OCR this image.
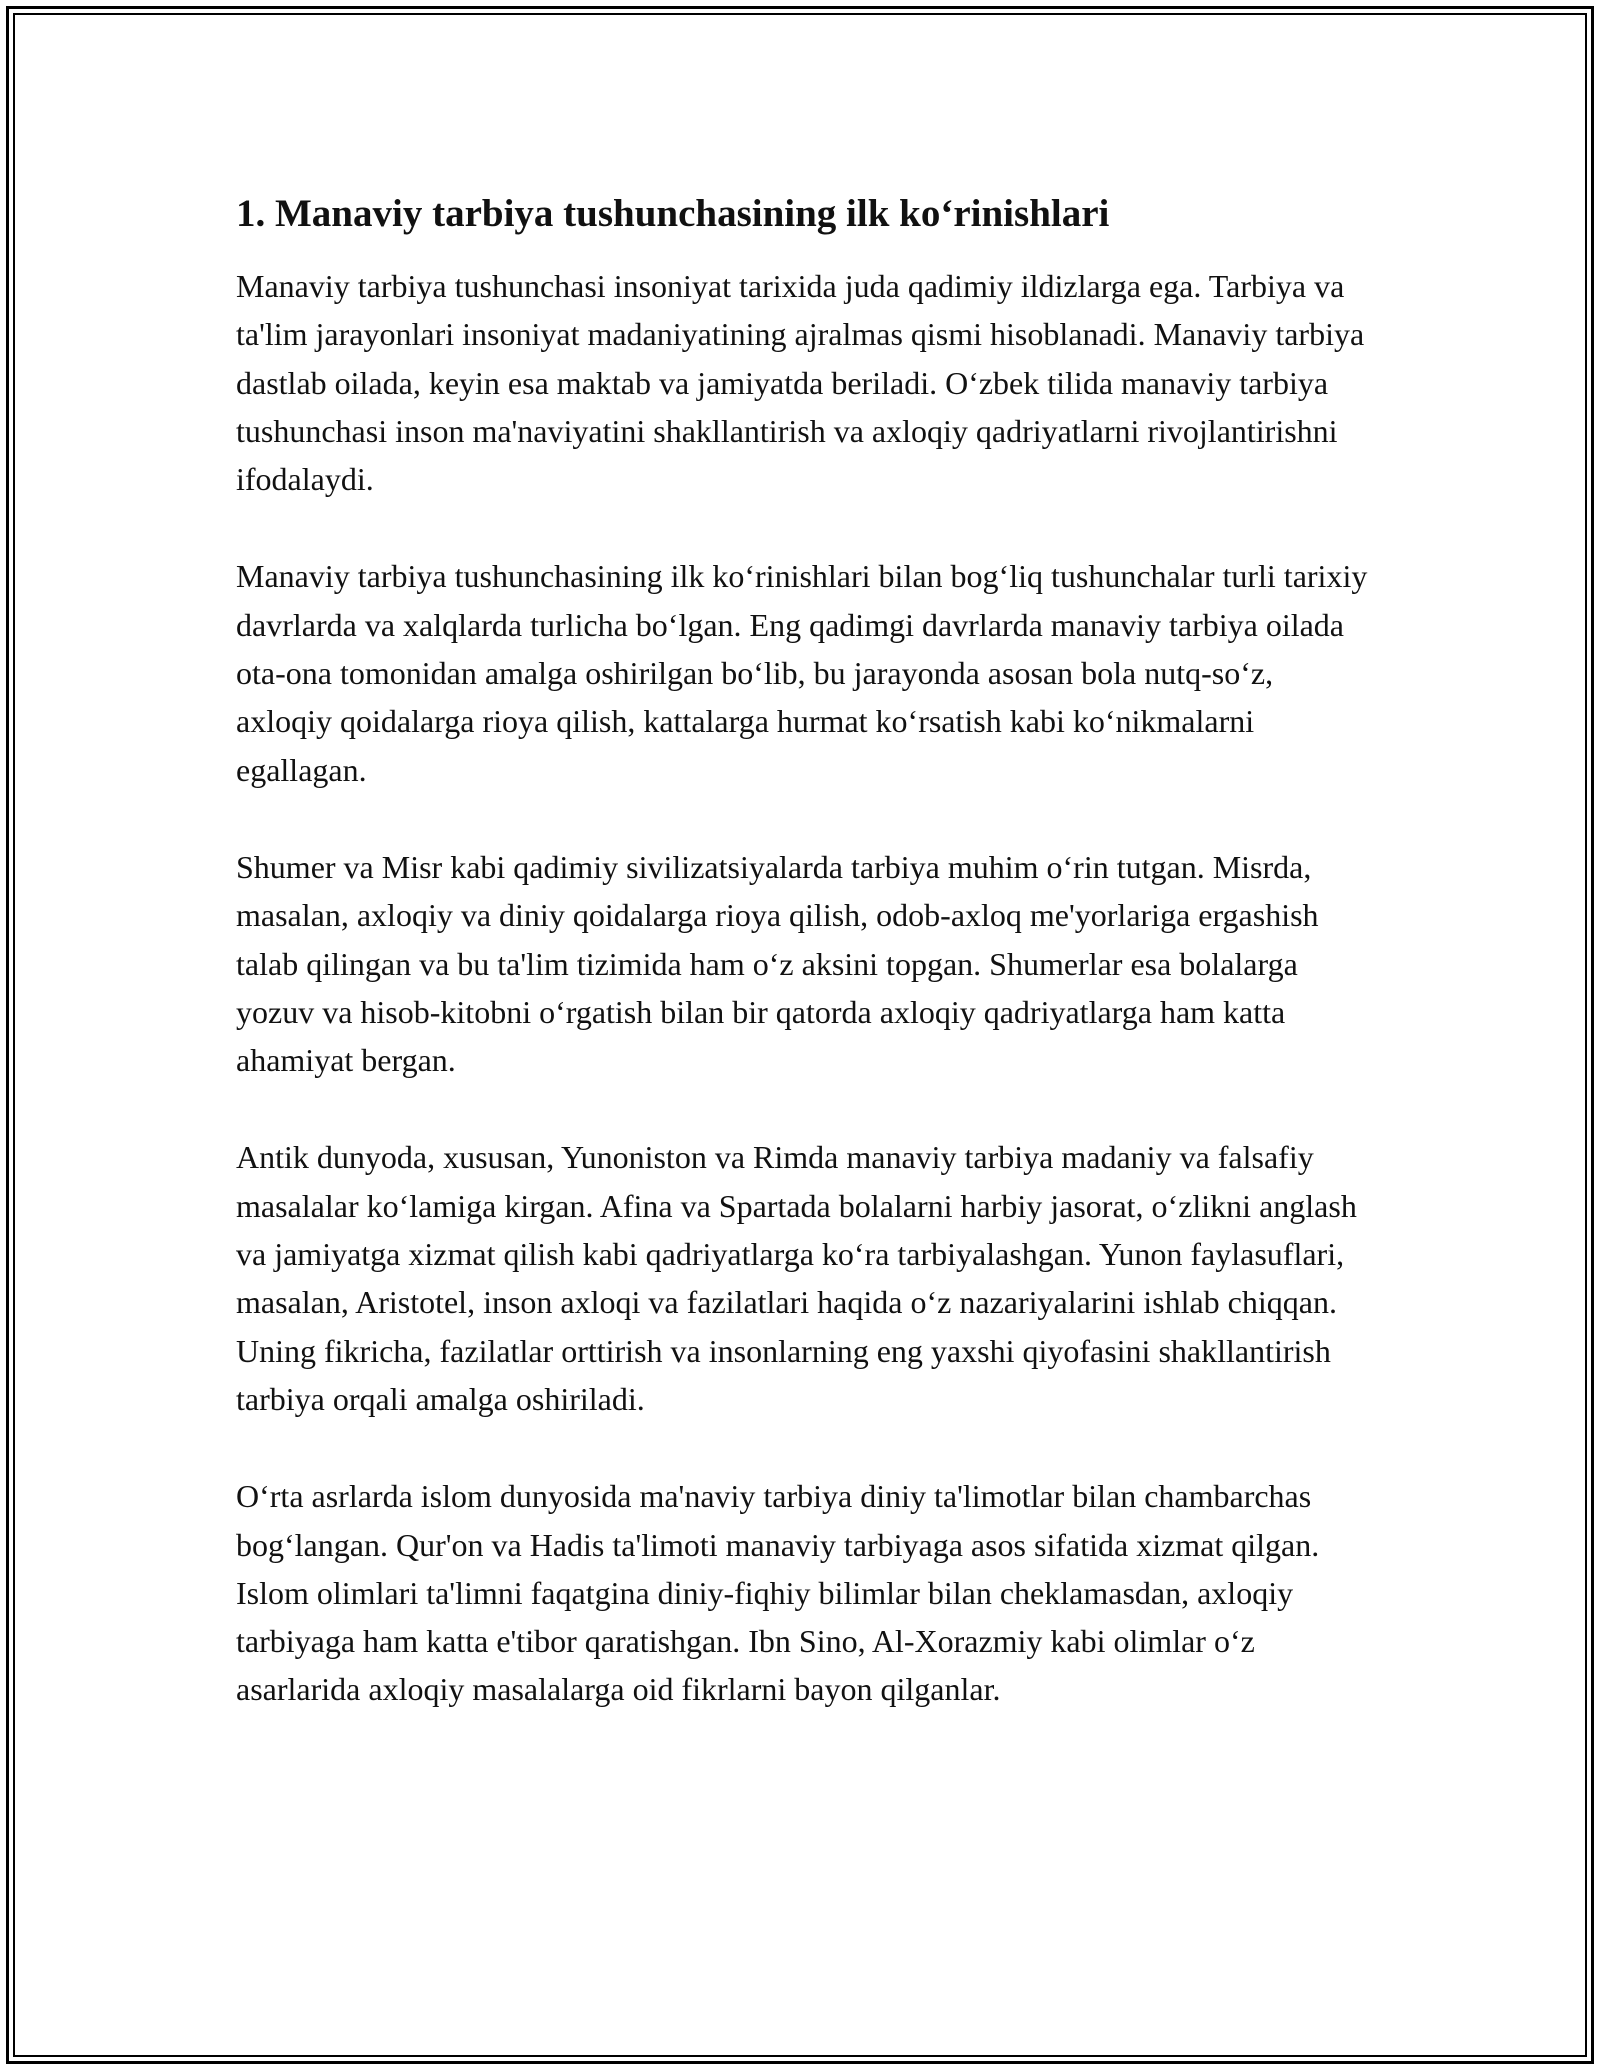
1. Manaviy tarbiya tushunchasining ilk koʻrinishlari

Manaviy tarbiya tushunchasi insoniyat tarixida juda qadimiy ildizlarga ega. Tarbiya va ta'lim jarayonlari insoniyat madaniyatining ajralmas qismi hisoblanadi. Manaviy tarbiya dastlab oilada, keyin esa maktab va jamiyatda beriladi. Oʻzbek tilida manaviy tarbiya tushunchasi inson ma'naviyatini shakllantirish va axloqiy qadriyatlarni rivojlantirishni ifodalaydi.

Manaviy tarbiya tushunchasining ilk koʻrinishlari bilan bogʻliq tushunchalar turli tarixiy davrlarda va xalqlarda turlicha boʻlgan. Eng qadimgi davrlarda manaviy tarbiya oilada ota-ona tomonidan amalga oshirilgan boʻlib, bu jarayonda asosan bola nutq-soʻz, axloqiy qoidalarga rioya qilish, kattalarga hurmat koʻrsatish kabi koʻnikmalarni egallagan.

Shumer va Misr kabi qadimiy sivilizatsiyalarda tarbiya muhim oʻrin tutgan. Misrda, masalan, axloqiy va diniy qoidalarga rioya qilish, odob-axloq me'yorlariga ergashish talab qilingan va bu ta'lim tizimida ham oʻz aksini topgan. Shumerlar esa bolalarga yozuv va hisob-kitobni oʻrgatish bilan bir qatorda axloqiy qadriyatlarga ham katta ahamiyat bergan.

Antik dunyoda, xususan, Yunoniston va Rimda manaviy tarbiya madaniy va falsafiy masalalar koʻlamiga kirgan. Afina va Spartada bolalarni harbiy jasorat, oʻzlikni anglash va jamiyatga xizmat qilish kabi qadriyatlarga koʻra tarbiyalashgan. Yunon faylasuflari, masalan, Aristotel, inson axloqi va fazilatlari haqida oʻz nazariyalarini ishlab chiqqan. Uning fikricha, fazilatlar orttirish va insonlarning eng yaxshi qiyofasini shakllantirish tarbiya orqali amalga oshiriladi.

Oʻrta asrlarda islom dunyosida ma'naviy tarbiya diniy ta'limotlar bilan chambarchas bogʻlangan. Qur'on va Hadis ta'limoti manaviy tarbiyaga asos sifatida xizmat qilgan. Islom olimlari ta'limni faqatgina diniy-fiqhiy bilimlar bilan cheklamasdan, axloqiy tarbiyaga ham katta e'tibor qaratishgan. Ibn Sino, Al-Xorazmiy kabi olimlar oʻz asarlarida axloqiy masalalarga oid fikrlarni bayon qilganlar.
